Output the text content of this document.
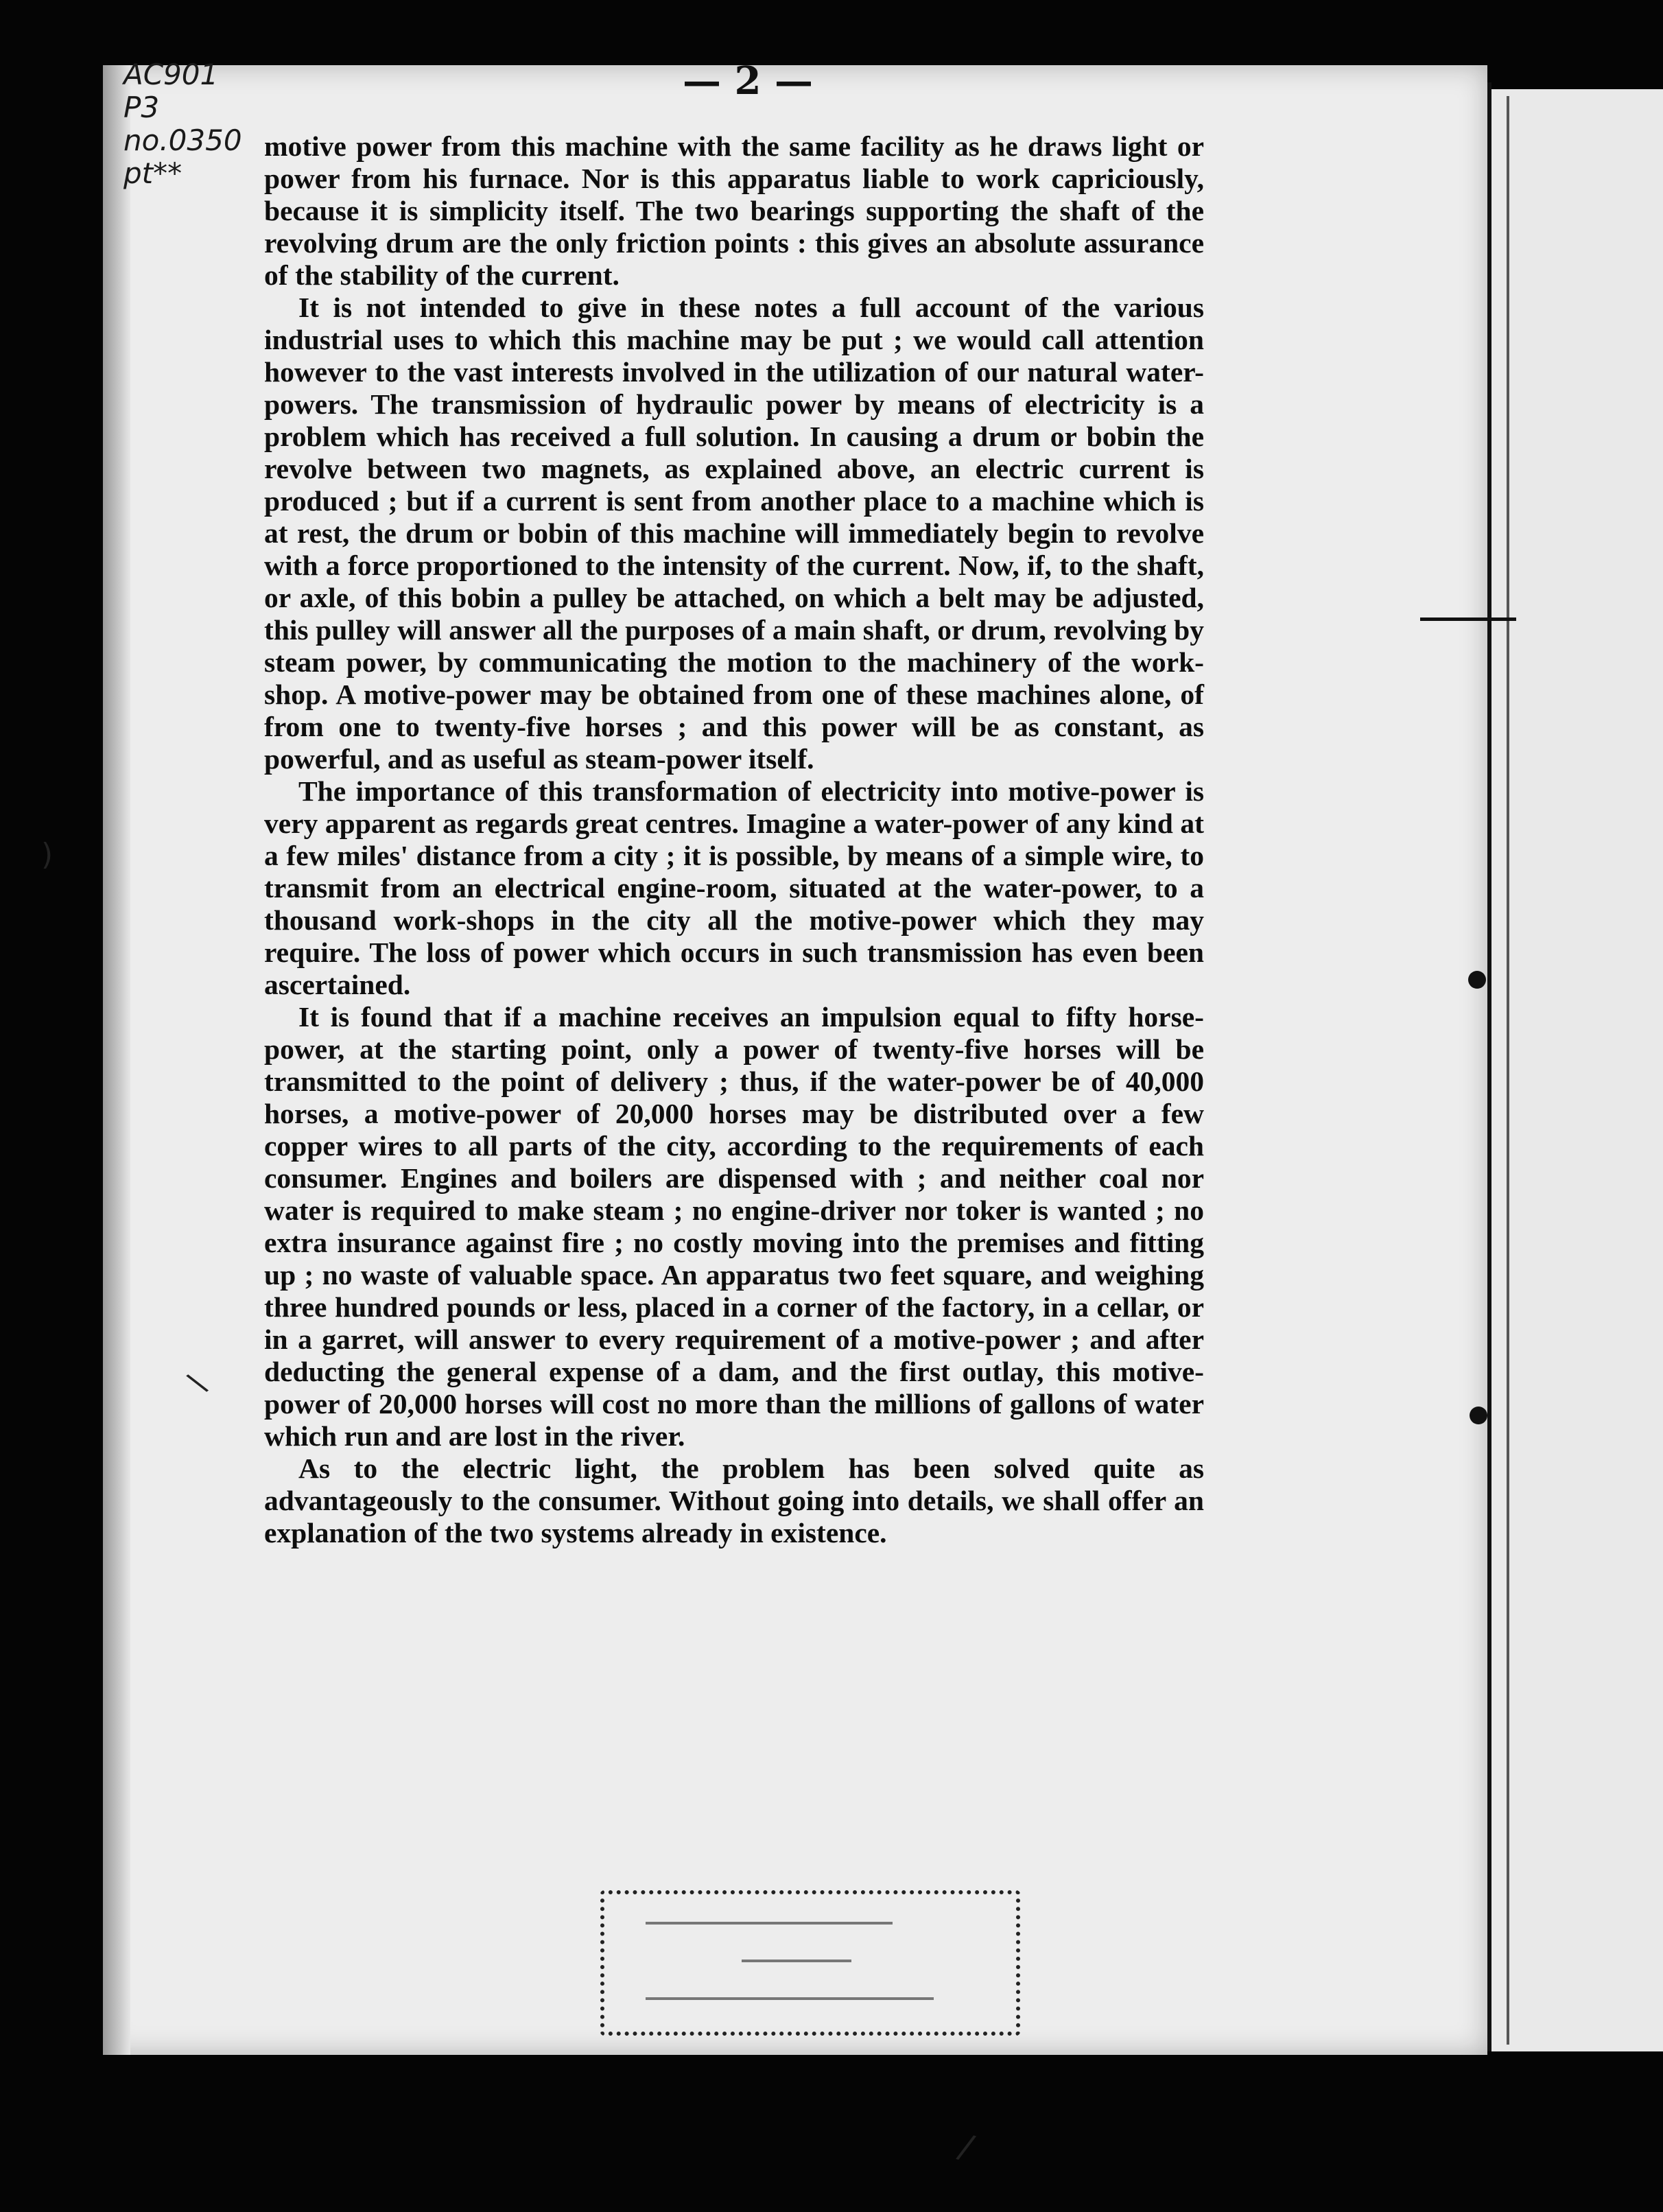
AC901
P3
no.0350
pt**
— 2 —

motive power from this machine with the same facility as he draws light or power from his furnace. Nor is this apparatus liable to work capriciously, because it is simplicity itself. The two bearings supporting the shaft of the revolving drum are the only friction points : this gives an absolute assurance of the stability of the current.

It is not intended to give in these notes a full account of the various industrial uses to which this machine may be put ; we would call attention however to the vast interests involved in the utilization of our natural water-powers. The transmission of hydraulic power by means of electricity is a problem which has received a full solution. In causing a drum or bobin the revolve between two magnets, as explained above, an electric current is produced ; but if a current is sent from another place to a machine which is at rest, the drum or bobin of this machine will immediately begin to revolve with a force proportioned to the intensity of the current. Now, if, to the shaft, or axle, of this bobin a pulley be attached, on which a belt may be adjusted, this pulley will answer all the purposes of a main shaft, or drum, revolving by steam power, by communicating the motion to the machinery of the work-shop. A motive-power may be obtained from one of these machines alone, of from one to twenty-five horses ; and this power will be as constant, as powerful, and as useful as steam-power itself.

The importance of this transformation of electricity into motive-power is very apparent as regards great centres. Imagine a water-power of any kind at a few miles' distance from a city ; it is possible, by means of a simple wire, to transmit from an electrical engine-room, situated at the water-power, to a thousand work-shops in the city all the motive-power which they may require. The loss of power which occurs in such transmission has even been ascertained.

It is found that if a machine receives an impulsion equal to fifty horse-power, at the starting point, only a power of twenty-five horses will be transmitted to the point of delivery ; thus, if the water-power be of 40,000 horses, a motive-power of 20,000 horses may be distributed over a few copper wires to all parts of the city, according to the requirements of each consumer. Engines and boilers are dispensed with ; and neither coal nor water is required to make steam ; no engine-driver nor toker is wanted ; no extra insurance against fire ; no costly moving into the premises and fitting up ; no waste of valuable space. An apparatus two feet square, and weighing three hundred pounds or less, placed in a corner of the factory, in a cellar, or in a garret, will answer to every requirement of a motive-power ; and after deducting the general expense of a dam, and the first outlay, this motive-power of 20,000 horses will cost no more than the millions of gallons of water which run and are lost in the river.

As to the electric light, the problem has been solved quite as advantageously to the consumer. Without going into details, we shall offer an explanation of the two systems already in existence.

)
\
/
